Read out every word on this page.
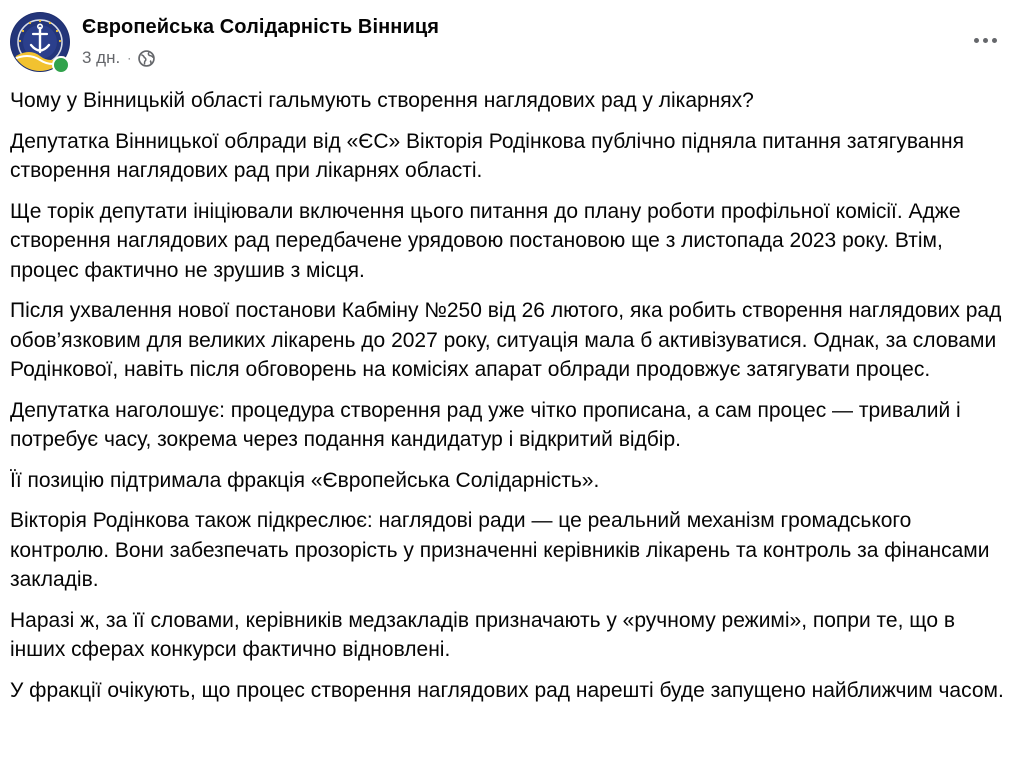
Європейська Солідарність Вінниця
3 дн. ·

Чому у Вінницькій області гальмують створення наглядових рад у лікарнях?

Депутатка Вінницької облради від «ЄС» Вікторія Родінкова публічно підняла питання затягування створення наглядових рад при лікарнях області.

Ще торік депутати ініціювали включення цього питання до плану роботи профільної комісії. Адже створення наглядових рад передбачене урядовою постановою ще з листопада 2023 року. Втім, процес фактично не зрушив з місця.

Після ухвалення нової постанови Кабміну №250 від 26 лютого, яка робить створення наглядових рад обов’язковим для великих лікарень до 2027 року, ситуація мала б активізуватися. Однак, за словами Родінкової, навіть після обговорень на комісіях апарат облради продовжує затягувати процес.

Депутатка наголошує: процедура створення рад уже чітко прописана, а сам процес — тривалий і потребує часу, зокрема через подання кандидатур і відкритий відбір.

Її позицію підтримала фракція «Європейська Солідарність».

Вікторія Родінкова також підкреслює: наглядові ради — це реальний механізм громадського контролю. Вони забезпечать прозорість у призначенні керівників лікарень та контроль за фінансами закладів.

Наразі ж, за її словами, керівників медзакладів призначають у «ручному режимі», попри те, що в інших сферах конкурси фактично відновлені.

У фракції очікують, що процес створення наглядових рад нарешті буде запущено найближчим часом.
